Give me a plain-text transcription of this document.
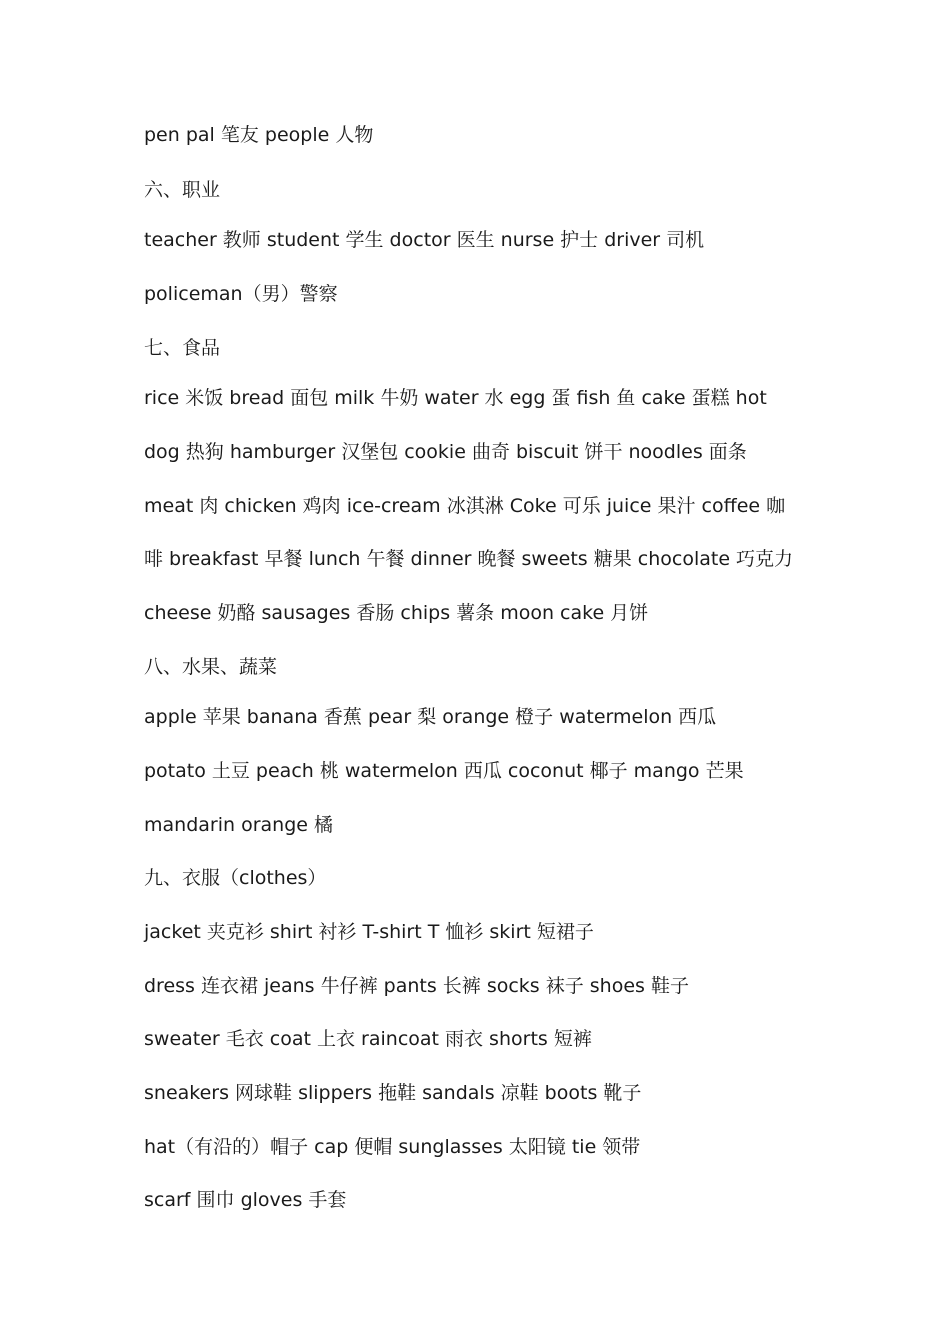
pen pal 笔友 people 人物

六、职业

teacher 教师 student 学生 doctor 医生 nurse 护士 driver 司机

policeman（男）警察

七、食品

rice 米饭 bread 面包 milk 牛奶 water 水 egg 蛋 fish 鱼 cake 蛋糕 hot

dog 热狗 hamburger 汉堡包 cookie 曲奇 biscuit 饼干 noodles 面条

meat 肉 chicken 鸡肉 ice-cream 冰淇淋 Coke 可乐 juice 果汁 coffee 咖

啡 breakfast 早餐 lunch 午餐 dinner 晚餐 sweets 糖果 chocolate 巧克力

cheese 奶酪 sausages 香肠 chips 薯条 moon cake 月饼

八、水果、蔬菜

apple 苹果 banana 香蕉 pear 梨 orange 橙子 watermelon 西瓜

potato 土豆 peach 桃 watermelon 西瓜 coconut 椰子 mango 芒果

mandarin orange 橘

九、衣服（clothes）

jacket 夹克衫 shirt 衬衫 T-shirt T 恤衫 skirt 短裙子

dress 连衣裙 jeans 牛仔裤 pants 长裤 socks 袜子 shoes 鞋子

sweater 毛衣 coat 上衣 raincoat 雨衣 shorts 短裤

sneakers 网球鞋 slippers 拖鞋 sandals 凉鞋 boots 靴子

hat（有沿的）帽子 cap 便帽 sunglasses 太阳镜 tie 领带

scarf 围巾 gloves 手套
